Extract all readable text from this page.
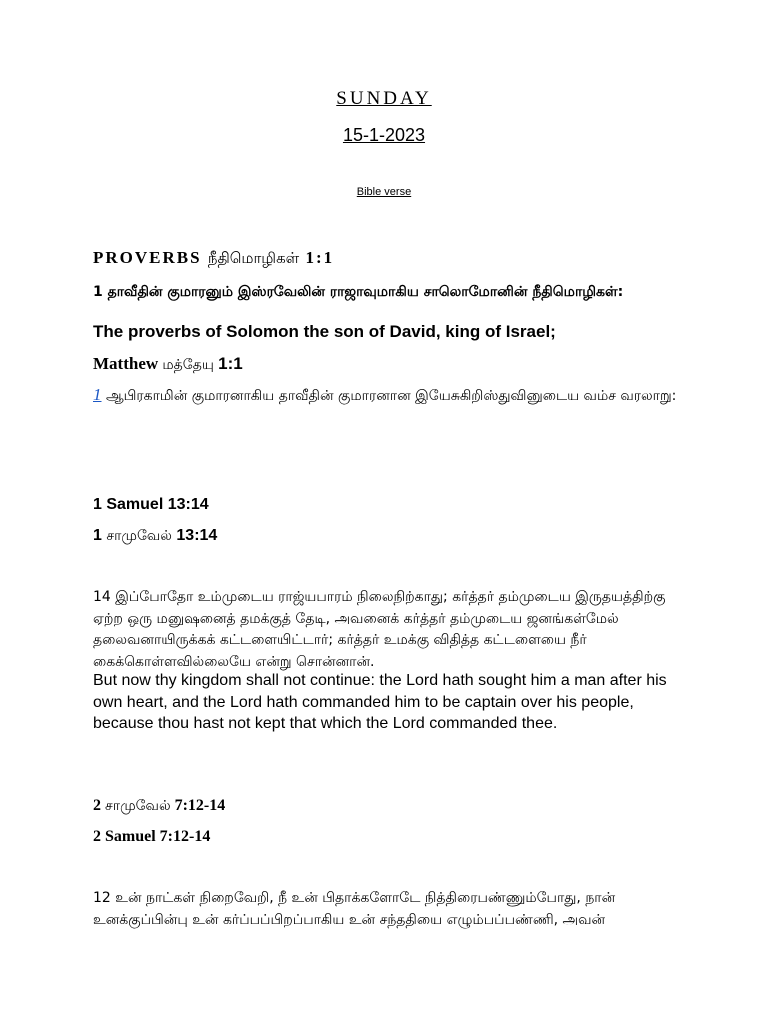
SUNDAY
15-1-2023
Bible verse
PROVERBS நீதிமொழிகள் 1:1
1 தாவீதின் குமாரனும் இஸ்ரவேலின் ராஜாவுமாகிய சாலொமோனின் நீதிமொழிகள்:
The proverbs of Solomon the son of David, king of Israel;
Matthew மத்தேயு 1:1
1 ஆபிரகாமின் குமாரனாகிய தாவீதின் குமாரனான இயேசுகிறிஸ்துவினுடைய வம்ச வரலாறு:
1 Samuel 13:14
1 சாமுவேல் 13:14
14 இப்போதோ உம்முடைய ராஜ்யபாரம் நிலைநிற்காது; கர்த்தர் தம்முடைய இருதயத்திற்கு ஏற்ற ஒரு மனுஷனைத் தமக்குத் தேடி, அவனைக் கர்த்தர் தம்முடைய ஜனங்கள்மேல் தலைவனாயிருக்கக் கட்டளையிட்டார்; கர்த்தர் உமக்கு விதித்த கட்டளையை நீர் கைக்கொள்ளவில்லையே என்று சொன்னான்.
But now thy kingdom shall not continue: the Lord hath sought him a man after his own heart, and the Lord hath commanded him to be captain over his people, because thou hast not kept that which the Lord commanded thee.
2 சாமுவேல் 7:12-14
2 Samuel 7:12-14
12 உன் நாட்கள் நிறைவேறி, நீ உன் பிதாக்களோடே நித்திரைபண்ணும்போது, நான் உனக்குப்பின்பு உன் கர்ப்பப்பிறப்பாகிய உன் சந்ததியை எழும்பப்பண்ணி, அவன்
